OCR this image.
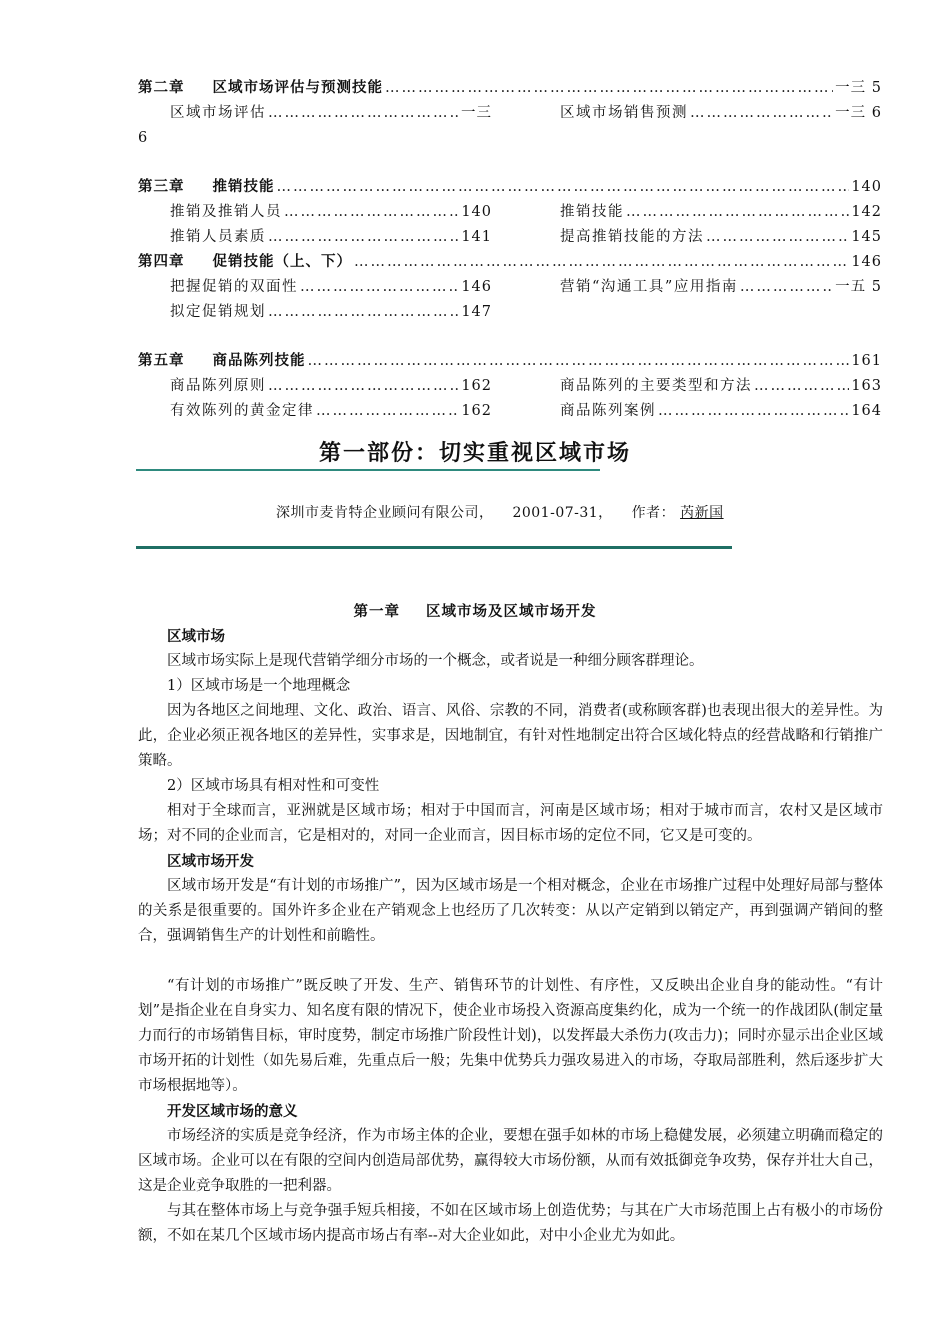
第二章 区域市场评估与预测技能 …………………………………………………………………………………………………………………………………………………………………………………	一三 5
区域市场评估 …………………………………………………………………………………………………………………………………………………………………………………	一三	区域市场销售预测 …………………………………………………………………………………………………………………………………………………………………………………	一三 6
6
第三章 推销技能 …………………………………………………………………………………………………………………………………………………………………………………	140
推销及推销人员 …………………………………………………………………………………………………………………………………………………………………………………	140	推销技能 …………………………………………………………………………………………………………………………………………………………………………………	142
推销人员素质 …………………………………………………………………………………………………………………………………………………………………………………	141	提高推销技能的方法 …………………………………………………………………………………………………………………………………………………………………………………	145
第四章 促销技能（上、下） …………………………………………………………………………………………………………………………………………………………………………………	146
把握促销的双面性 …………………………………………………………………………………………………………………………………………………………………………………	146	营销“沟通工具”应用指南 …………………………………………………………………………………………………………………………………………………………………………………	一五 5
拟定促销规划 …………………………………………………………………………………………………………………………………………………………………………………	147
第五章 商品陈列技能 …………………………………………………………………………………………………………………………………………………………………………………	161
商品陈列原则 …………………………………………………………………………………………………………………………………………………………………………………	162	商品陈列的主要类型和方法 …………………………………………………………………………………………………………………………………………………………………………………	163
有效陈列的黄金定律 …………………………………………………………………………………………………………………………………………………………………………………	162	商品陈列案例 …………………………………………………………………………………………………………………………………………………………………………………	164
第一部份：切实重视区域市场
深圳市麦肯特企业顾问有限公司， 2001-07-31， 作者： 芮新国
第一章 区域市场及区域市场开发

区域市场

区域市场实际上是现代营销学细分市场的一个概念，或者说是一种细分顾客群理论。

1）区域市场是一个地理概念

因为各地区之间地理、文化、政治、语言、风俗、宗教的不同，消费者(或称顾客群)也表现出很大的差异性。为此，企业必须正视各地区的差异性，实事求是，因地制宜，有针对性地制定出符合区域化特点的经营战略和行销推广策略。

2）区域市场具有相对性和可变性

相对于全球而言，亚洲就是区域市场；相对于中国而言，河南是区域市场；相对于城市而言，农村又是区域市场；对不同的企业而言，它是相对的，对同一企业而言，因目标市场的定位不同，它又是可变的。

区域市场开发

区域市场开发是“有计划的市场推广”，因为区域市场是一个相对概念，企业在市场推广过程中处理好局部与整体的关系是很重要的。国外许多企业在产销观念上也经历了几次转变：从以产定销到以销定产，再到强调产销间的整合，强调销售生产的计划性和前瞻性。

“有计划的市场推广”既反映了开发、生产、销售环节的计划性、有序性，又反映出企业自身的能动性。“有计划”是指企业在自身实力、知名度有限的情况下，使企业市场投入资源高度集约化，成为一个统一的作战团队(制定量力而行的市场销售目标，审时度势，制定市场推广阶段性计划)，以发挥最大杀伤力(攻击力)；同时亦显示出企业区域市场开拓的计划性（如先易后难，先重点后一般；先集中优势兵力强攻易进入的市场，夺取局部胜利，然后逐步扩大市场根据地等）。

开发区域市场的意义

市场经济的实质是竞争经济，作为市场主体的企业，要想在强手如林的市场上稳健发展，必须建立明确而稳定的区域市场。企业可以在有限的空间内创造局部优势，赢得较大市场份额，从而有效抵御竞争攻势，保存并壮大自己，这是企业竞争取胜的一把利器。

与其在整体市场上与竞争强手短兵相接，不如在区域市场上创造优势；与其在广大市场范围上占有极小的市场份额，不如在某几个区域市场内提高市场占有率--对大企业如此，对中小企业尤为如此。
